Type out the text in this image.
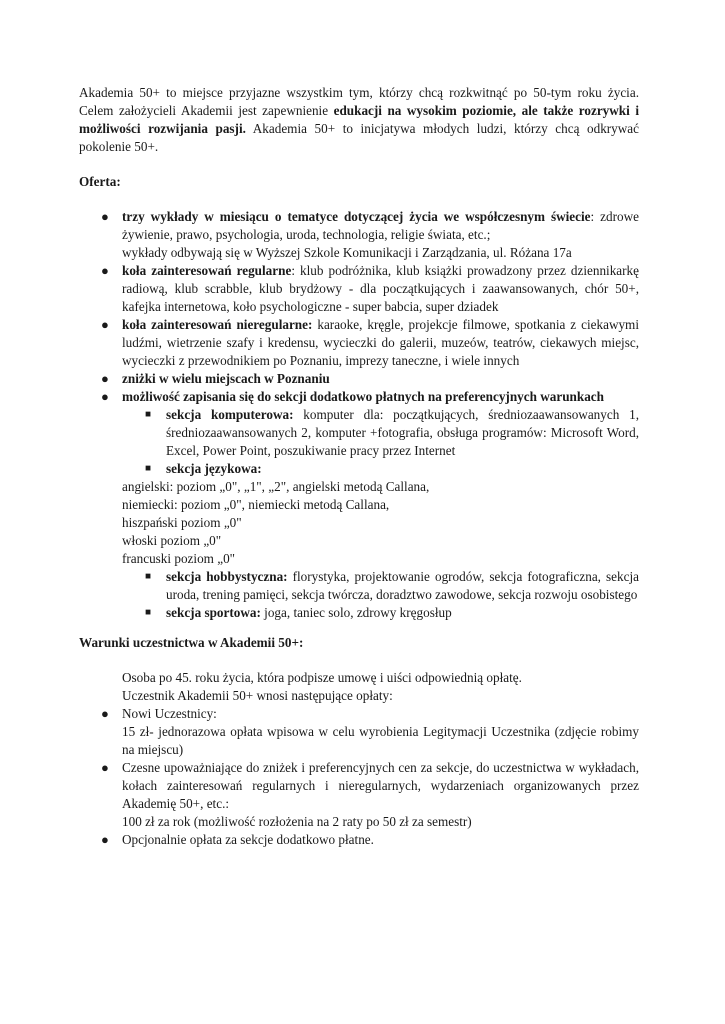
Akademia 50+ to miejsce przyjazne wszystkim tym, którzy chcą rozkwitnąć po 50-tym roku życia. Celem założycieli Akademii jest zapewnienie edukacji na wysokim poziomie, ale także rozrywki i możliwości rozwijania pasji. Akademia 50+ to inicjatywa młodych ludzi, którzy chcą odkrywać pokolenie 50+.

Oferta:

● trzy wykłady w miesiącu o tematyce dotyczącej życia we współczesnym świecie: zdrowe żywienie, prawo, psychologia, uroda, technologia, religie świata, etc.;
wykłady odbywają się w Wyższej Szkole Komunikacji i Zarządzania, ul. Różana 17a
● koła zainteresowań regularne: klub podróżnika, klub książki prowadzony przez dziennikarkę radiową, klub scrabble, klub brydżowy - dla początkujących i zaawansowanych, chór 50+, kafejka internetowa, koło psychologiczne - super babcia, super dziadek
● koła zainteresowań nieregularne: karaoke, kręgle, projekcje filmowe, spotkania z ciekawymi ludźmi, wietrzenie szafy i kredensu, wycieczki do galerii, muzeów, teatrów, ciekawych miejsc, wycieczki z przewodnikiem po Poznaniu, imprezy taneczne, i wiele innych
● zniżki w wielu miejscach w Poznaniu
● możliwość zapisania się do sekcji dodatkowo płatnych na preferencyjnych warunkach
■ sekcja komputerowa: komputer dla: początkujących, średniozaawansowanych 1, średniozaawansowanych 2, komputer +fotografia, obsługa programów: Microsoft Word, Excel, Power Point, poszukiwanie pracy przez Internet
■ sekcja językowa:

angielski: poziom „0", „1", „2", angielski metodą Callana,

niemiecki: poziom „0", niemiecki metodą Callana,

hiszpański poziom „0"

włoski poziom „0"

francuski poziom „0"

■ sekcja hobbystyczna: florystyka, projektowanie ogrodów, sekcja fotograficzna, sekcja uroda, trening pamięci, sekcja twórcza, doradztwo zawodowe, sekcja rozwoju osobistego
■ sekcja sportowa: joga, taniec solo, zdrowy kręgosłup

Warunki uczestnictwa w Akademii 50+:

Osoba po 45. roku życia, która podpisze umowę i uiści odpowiednią opłatę.

Uczestnik Akademii 50+ wnosi następujące opłaty:

● Nowi Uczestnicy:
15 zł- jednorazowa opłata wpisowa w celu wyrobienia Legitymacji Uczestnika (zdjęcie robimy na miejscu)
● Czesne upoważniające do zniżek i preferencyjnych cen za sekcje, do uczestnictwa w wykładach, kołach zainteresowań regularnych i nieregularnych, wydarzeniach organizowanych przez Akademię 50+, etc.:
100 zł za rok (możliwość rozłożenia na 2 raty po 50 zł za semestr)
● Opcjonalnie opłata za sekcje dodatkowo płatne.
